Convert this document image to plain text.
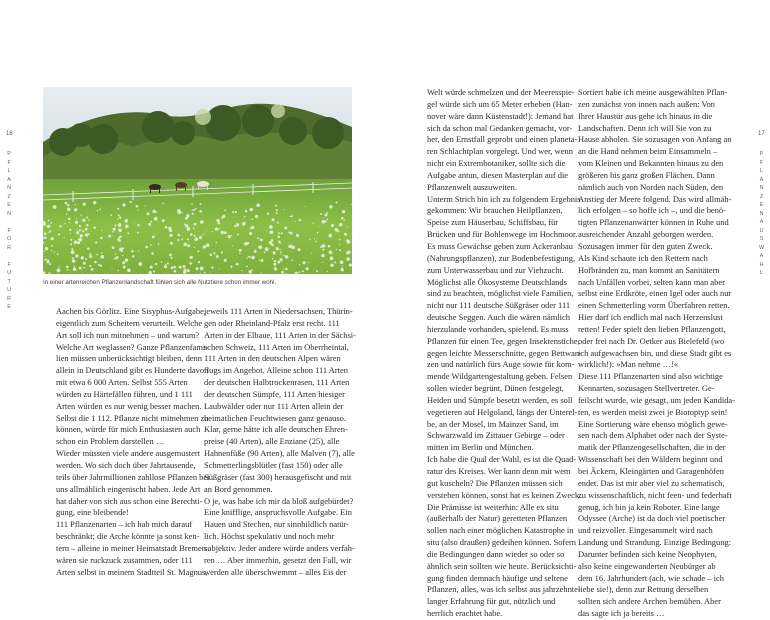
16
P
F
L
A
N
Z
E
N

F
O
R

F
U
T
U
R
E
In einer artenreichen Pflanzenlandschaft fühlen sich alle Nutztiere schon immer wohl.
Aachen bis Görlitz. Eine Sisyphus-Aufgabe,
eigentlich zum Scheitern verurteilt. Welche
Art soll ich nun mitnehmen – und warum?
Welche Art weglassen? Ganze Pflanzenfami-
lien müssen unberücksichtigt bleiben, denn
allein in Deutschland gibt es Hunderte davon
mit etwa 6 000 Arten. Selbst 555 Arten
würden zu Härtefällen führen, und 1 111
Arten würden es nur wenig besser machen.
Selbst die 1 112. Pflanze nicht mitnehmen zu
können, würde für mich Enthusiasten auch
schon ein Problem darstellen …
Wieder müssten viele andere ausgemustert
werden. Wo sich doch über Jahrtausende,
teils über Jahrmillionen zahllose Pflanzen bei
uns allmählich eingenischt haben. Jede Art
hat daher von sich aus schon eine Berechti-
gung, eine bleibende!
111 Pflanzenarten – ich hab mich darauf
beschränkt; die Arche könnte ja sonst ken-
tern – alleine in meiner Heimatstadt Bremen
wären sie ruckzuck zusammen, oder 111
Arten selbst in meinem Stadtteil St. Magnus,
jeweils 111 Arten in Niedersachsen, Thürin-
gen oder Rheinland-Pfalz erst recht. 111
Arten in der Elbaue, 111 Arten in der Sächsi-
schen Schweiz, 111 Arten im Oberrheintal,
111 Arten in den deutschen Alpen wären
flugs im Angebot. Alleine schon 111 Arten
der deutschen Halbtrockenrasen, 111 Arten
der deutschen Sümpfe, 111 Arten hiesiger
Laubwälder oder nur 111 Arten allein der
heimatlichen Feuchtwiesen ganz genauso.
Klar, gerne hätte ich alle deutschen Ehren-
preise (40 Arten), alle Enziane (25), alle
Hahnenfüße (90 Arten), alle Malven (7), alle
Schmetterlingsblütler (fast 150) oder alle
Süßgräser (fast 300) herausgefischt und mit
an Bord genommen.
O je, was habe ich mir da bloß aufgebürdet?
Eine knifflige, anspruchsvolle Aufgabe. Ein
Hauen und Stechen, nur sinnbildlich natür-
lich. Höchst spekulativ und noch mehr
subjektiv. Jeder andere würde anders verfah-
ren … Aber immerhin, gesetzt den Fall, wir
werden alle überschwemmt – alles Eis der
17
P
F
L
A
N
Z
E
N
A
U
S
W
A
H
L
Welt würde schmelzen und der Meeresspie-
gel würde sich um 65 Meter erheben (Han-
nover wäre dann Küstenstadt!): Jemand hat
sich da schon mal Gedanken gemacht, vor-
her, den Ernstfall geprobt und einen planeta-
ren Schlachtplan vorgelegt. Und wer, wenn
nicht ein Extrembotaniker, sollte sich die
Aufgabe antun, diesen Masterplan auf die
Pflanzenwelt auszuweiten.
Unterm Strich bin ich zu folgendem Ergebnis
gekommen: Wir brauchen Heilpflanzen,
Speise zum Häuserbau, Schiffsbau, für
Brücken und für Bohlenwege im Hochmoor.
Es muss Gewächse geben zum Ackeranbau
(Nahrungspflanzen), zur Bodenbefestigung,
zum Unterwasserbau und zur Viehzucht.
Möglichst alle Ökosysteme Deutschlands
sind zu beachten, möglichst viele Familien,
nicht nur 111 deutsche Süßgräser oder 111
deutsche Seggen. Auch die wären nämlich
hierzulande vorhanden, spielend. Es muss
Pflanzen für einen Tee, gegen Insektenstiche,
gegen leichte Messerschnitte, gegen Bettwan-
zen und natürlich fürs Auge sowie für kom-
mende Wildgartengestaltung geben. Felsen
sollen wieder begrünt, Dünen festgelegt,
Heiden und Sümpfe besetzt werden, es soll
vegetieren auf Helgoland, längs der Unterel-
be, an der Mosel, im Mainzer Sand, im
Schwarzwald im Zittauer Gebirge – oder
mitten im Berlin und München.
Ich habe die Qual der Wahl, es ist die Quad-
ratur des Kreises. Wer kann denn mit wem
gut kuscheln? Die Pflanzen müssen sich
verstehen können, sonst hat es keinen Zweck.
Die Prämisse ist weiterhin: Alle ex situ
(außerhalb der Natur) geretteten Pflanzen
sollen nach einer möglichen Katastrophe in
situ (also draußen) gedeihen können. Sofern
die Bedingungen dann wieder so oder so
ähnlich sein sollten wie heute. Berücksichti-
gung finden demnach häufige und seltene
Pflanzen, alles, was ich selbst aus jahrzehnte-
langer Erfahrung für gut, nützlich und
herrlich erachtet habe.
Sortiert habe ich meine ausgewählten Pflan-
zen zunächst von innen nach außen: Von
Ihrer Haustür aus gehe ich hinaus in die
Landschaften. Denn ich will Sie von zu
Hause abholen. Sie sozusagen von Anfang an
an die Hand nehmen beim Einsammeln –
vom Kleinen und Bekannten hinaus zu den
größeren bis ganz großen Flächen. Dann
nämlich auch von Norden nach Süden, den
Anstieg der Meere folgend. Das wird allmäh-
lich erfolgen – so hoffe ich –, und die benö-
tigten Pflanzenanwärter können in Ruhe und
ausreichender Anzahl geborgen werden.
Sozusagen immer für den guten Zweck.
Als Kind schaute ich den Rettern nach
Hofbränden zu, man kommt an Sanitätern
nach Unfällen vorbei, selten kann man aber
selbst eine Erdkröte, einen Igel oder auch nur
einen Schmetterling vorm Überfahren retten.
Hier darf ich endlich mal nach Herzenslust
retten! Feder spielt den lieben Pflanzengott,
oder frei nach Dr. Oetker aus Bielefeld (wo
ich aufgewachsen bin, und diese Stadt gibt es
wirklich!): »Man nehme …!«
Diese 111 Pflanzenarten sind also wichtige
Kennarten, sozusagen Stellvertreter. Ge-
feilscht wurde, wie gesagt, um jeden Kandida-
ten, es werden meist zwei je Biotoptyp sein!
Eine Sortierung wäre ebenso möglich gewe-
sen nach dem Alphabet oder nach der Syste-
matik der Pflanzengesellschaften, die in der
Wissenschaft bei den Wäldern beginnt und
bei Äckern, Kleingärten und Garagenhöfen
endet. Das ist mir aber viel zu schematisch,
zu wissenschaftlich, nicht feen- und federhaft
genug, ich bin ja kein Roboter. Eine lange
Odyssee (Arche) ist da doch viel poetischer
und reizvoller. Eingesammelt wird nach
Landung und Strandung. Einzige Bedingung:
Darunter befinden sich keine Neophyten,
also keine eingewanderten Neubürger ab
dem 16. Jahrhundert (ach, wie schade – ich
liebe sie!), denn zur Rettung derselben
sollten sich andere Archen bemühen. Aber
das sagte ich ja bereits …
